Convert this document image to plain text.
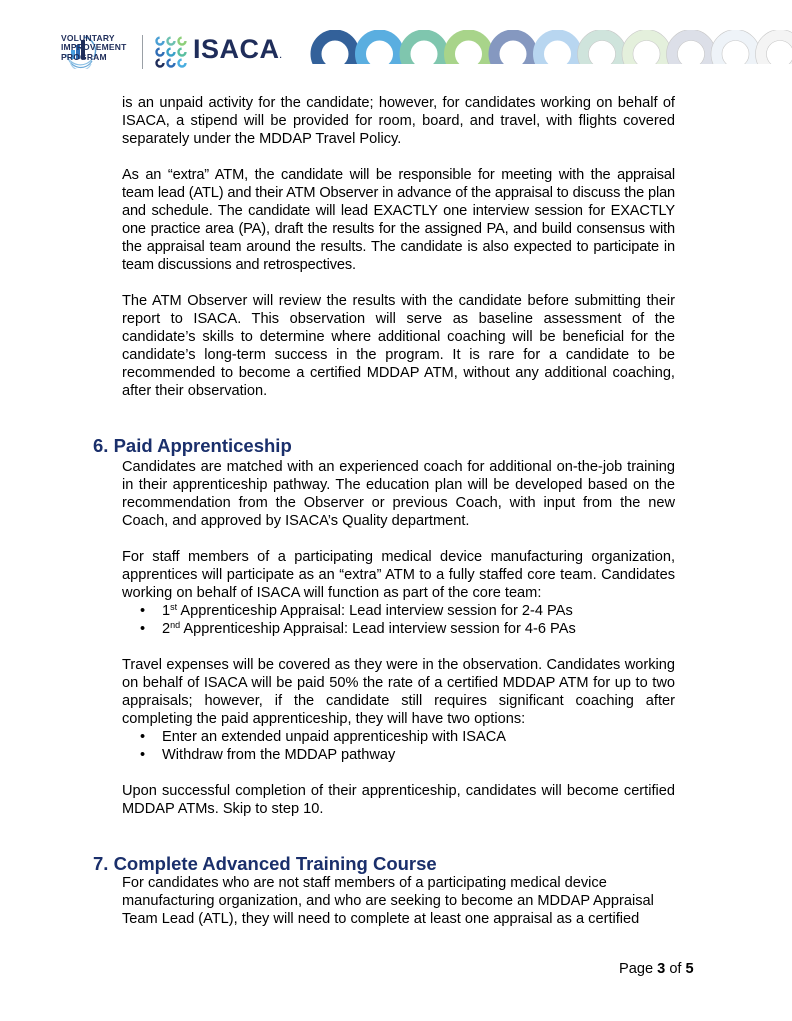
VOLUNTARY
IMPROVEMENT
PROGRAM	ISACA.

is an unpaid activity for the candidate; however, for candidates working on behalf of ISACA, a stipend will be provided for room, board, and travel, with flights covered separately under the MDDAP Travel Policy.

As an “extra” ATM, the candidate will be responsible for meeting with the appraisal team lead (ATL) and their ATM Observer in advance of the appraisal to discuss the plan and schedule. The candidate will lead EXACTLY one interview session for EXACTLY one practice area (PA), draft the results for the assigned PA, and build consensus with the appraisal team around the results. The candidate is also expected to participate in team discussions and retrospectives.

The ATM Observer will review the results with the candidate before submitting their report to ISACA. This observation will serve as baseline assessment of the candidate’s skills to determine where additional coaching will be beneficial for the candidate’s long-term success in the program. It is rare for a candidate to be recommended to become a certified MDDAP ATM, without any additional coaching, after their observation.

6. Paid Apprenticeship

Candidates are matched with an experienced coach for additional on-the-job training in their apprenticeship pathway. The education plan will be developed based on the recommendation from the Observer or previous Coach, with input from the new Coach, and approved by ISACA’s Quality department.

For staff members of a participating medical device manufacturing organization, apprentices will participate as an “extra” ATM to a fully staffed core team. Candidates working on behalf of ISACA will function as part of the core team:

• 1st Apprenticeship Appraisal: Lead interview session for 2-4 PAs
• 2nd Apprenticeship Appraisal: Lead interview session for 4-6 PAs

Travel expenses will be covered as they were in the observation. Candidates working on behalf of ISACA will be paid 50% the rate of a certified MDDAP ATM for up to two appraisals; however, if the candidate still requires significant coaching after completing the paid apprenticeship, they will have two options:

• Enter an extended unpaid apprenticeship with ISACA
• Withdraw from the MDDAP pathway

Upon successful completion of their apprenticeship, candidates will become certified MDDAP ATMs. Skip to step 10.

7. Complete Advanced Training Course

For candidates who are not staff members of a participating medical device manufacturing organization, and who are seeking to become an MDDAP Appraisal Team Lead (ATL), they will need to complete at least one appraisal as a certified

Page 3 of 5
